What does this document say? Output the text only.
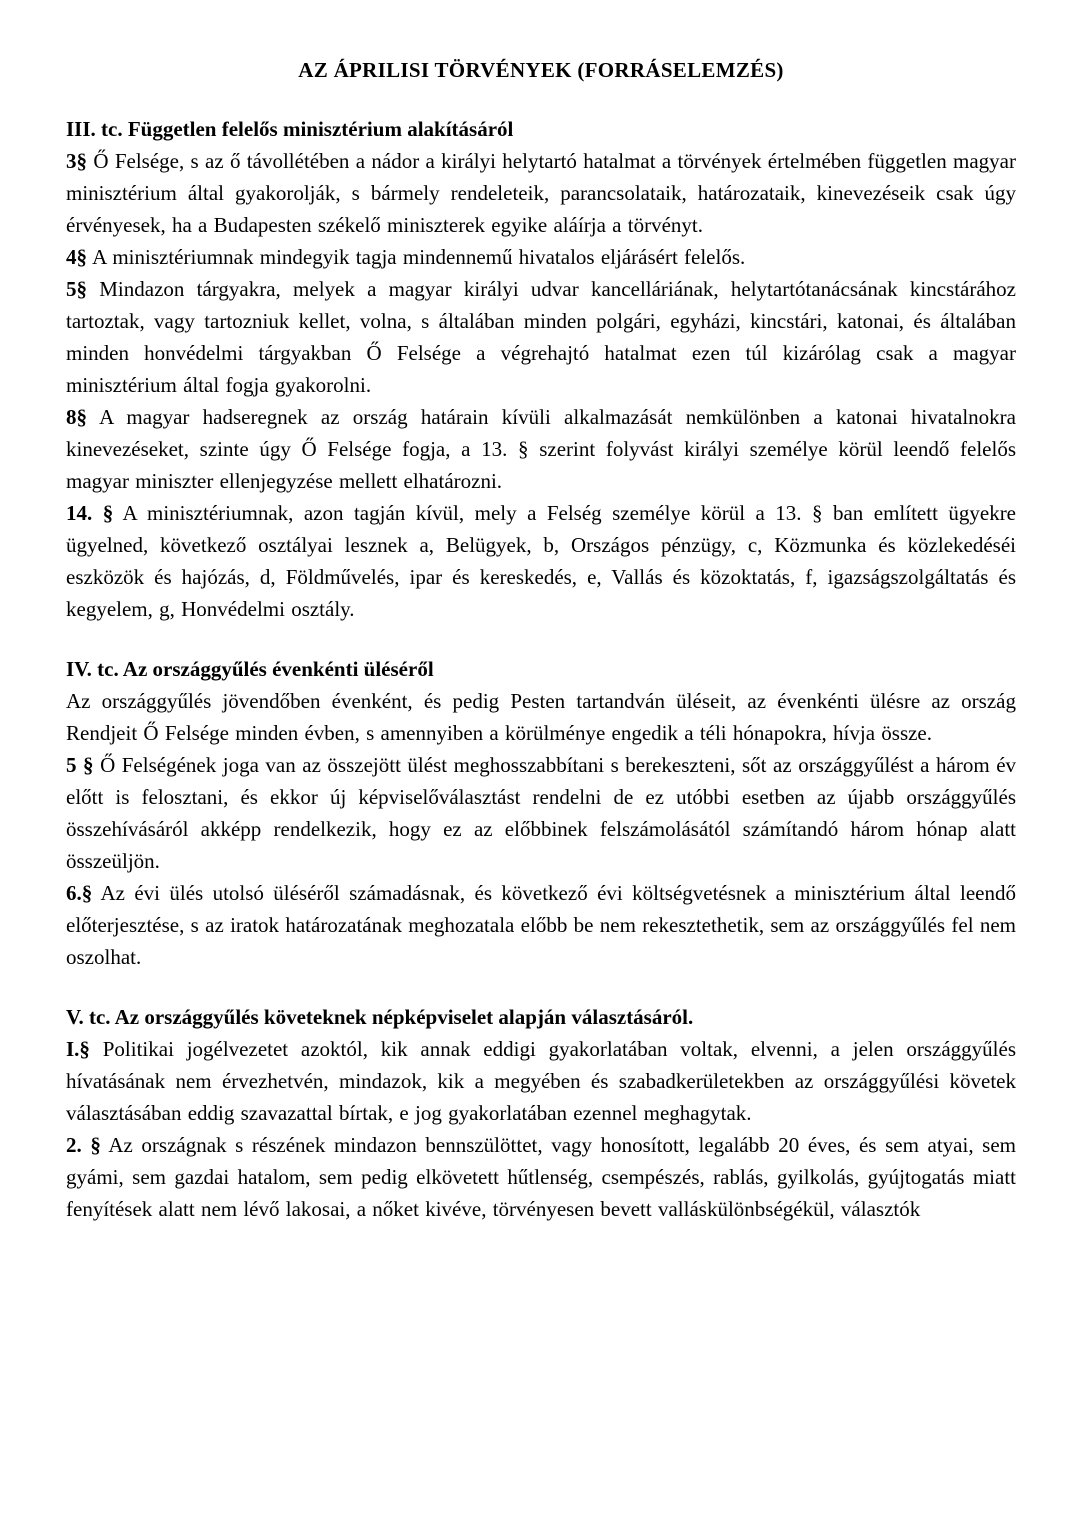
AZ ÁPRILISI TÖRVÉNYEK (FORRÁSELEMZÉS)
III. tc. Független felelős minisztérium alakításáról

3§ Ő Felsége, s az ő távollétében a nádor a királyi helytartó hatalmat a törvények értelmében független magyar minisztérium által gyakorolják, s bármely rendeleteik, parancsolataik, határozataik, kinevezéseik csak úgy érvényesek, ha a Budapesten székelő miniszterek egyike aláírja a törvényt.

4§ A minisztériumnak mindegyik tagja mindennemű hivatalos eljárásért felelős.

5§ Mindazon tárgyakra, melyek a magyar királyi udvar kancelláriának, helytartótanácsának kincstárához tartoztak, vagy tartozniuk kellet, volna, s általában minden polgári, egyházi, kincstári, katonai, és általában minden honvédelmi tárgyakban Ő Felsége a végrehajtó hatalmat ezen túl kizárólag csak a magyar minisztérium által fogja gyakorolni.

8§ A magyar hadseregnek az ország határain kívüli alkalmazását nemkülönben a katonai hivatalnokra kinevezéseket, szinte úgy Ő Felsége fogja, a 13. § szerint folyvást királyi személye körül leendő felelős magyar miniszter ellenjegyzése mellett elhatározni.

14. § A minisztériumnak, azon tagján kívül, mely a Felség személye körül a 13. § ban említett ügyekre ügyelned, következő osztályai lesznek a, Belügyek, b, Országos pénzügy, c, Közmunka és közlekedéséi eszközök és hajózás, d, Földművelés, ipar és kereskedés, e, Vallás és közoktatás, f, igazságszolgáltatás és kegyelem, g, Honvédelmi osztály.

IV. tc. Az országgyűlés évenkénti üléséről

Az országgyűlés jövendőben évenként, és pedig Pesten tartandván üléseit, az évenkénti ülésre az ország Rendjeit Ő Felsége minden évben, s amennyiben a körülménye engedik a téli hónapokra, hívja össze.

5 § Ő Felségének joga van az összejött ülést meghosszabbítani s berekeszteni, sőt az országgyűlést a három év előtt is felosztani, és ekkor új képviselőválasztást rendelni de ez utóbbi esetben az újabb országgyűlés összehívásáról akképp rendelkezik, hogy ez az előbbinek felszámolásától számítandó három hónap alatt összeüljön.

6.§ Az évi ülés utolsó üléséről számadásnak, és következő évi költségvetésnek a minisztérium által leendő előterjesztése, s az iratok határozatának meghozatala előbb be nem rekesztethetik, sem az országgyűlés fel nem oszolhat.

V. tc. Az országgyűlés követeknek népképviselet alapján választásáról.

I.§ Politikai jogélvezetet azoktól, kik annak eddigi gyakorlatában voltak, elvenni, a jelen országgyűlés hívatásának nem érvezhetvén, mindazok, kik a megyében és szabadkerületekben az országgyűlési követek választásában eddig szavazattal bírtak, e jog gyakorlatában ezennel meghagytak.

2. § Az országnak s részének mindazon bennszülöttet, vagy honosított, legalább 20 éves, és sem atyai, sem gyámi, sem gazdai hatalom, sem pedig elkövetett hűtlenség, csempészés, rablás, gyilkolás, gyújtogatás miatt fenyítések alatt nem lévő lakosai, a nőket kivéve, törvényesen bevett valláskülönbségékül, választók
